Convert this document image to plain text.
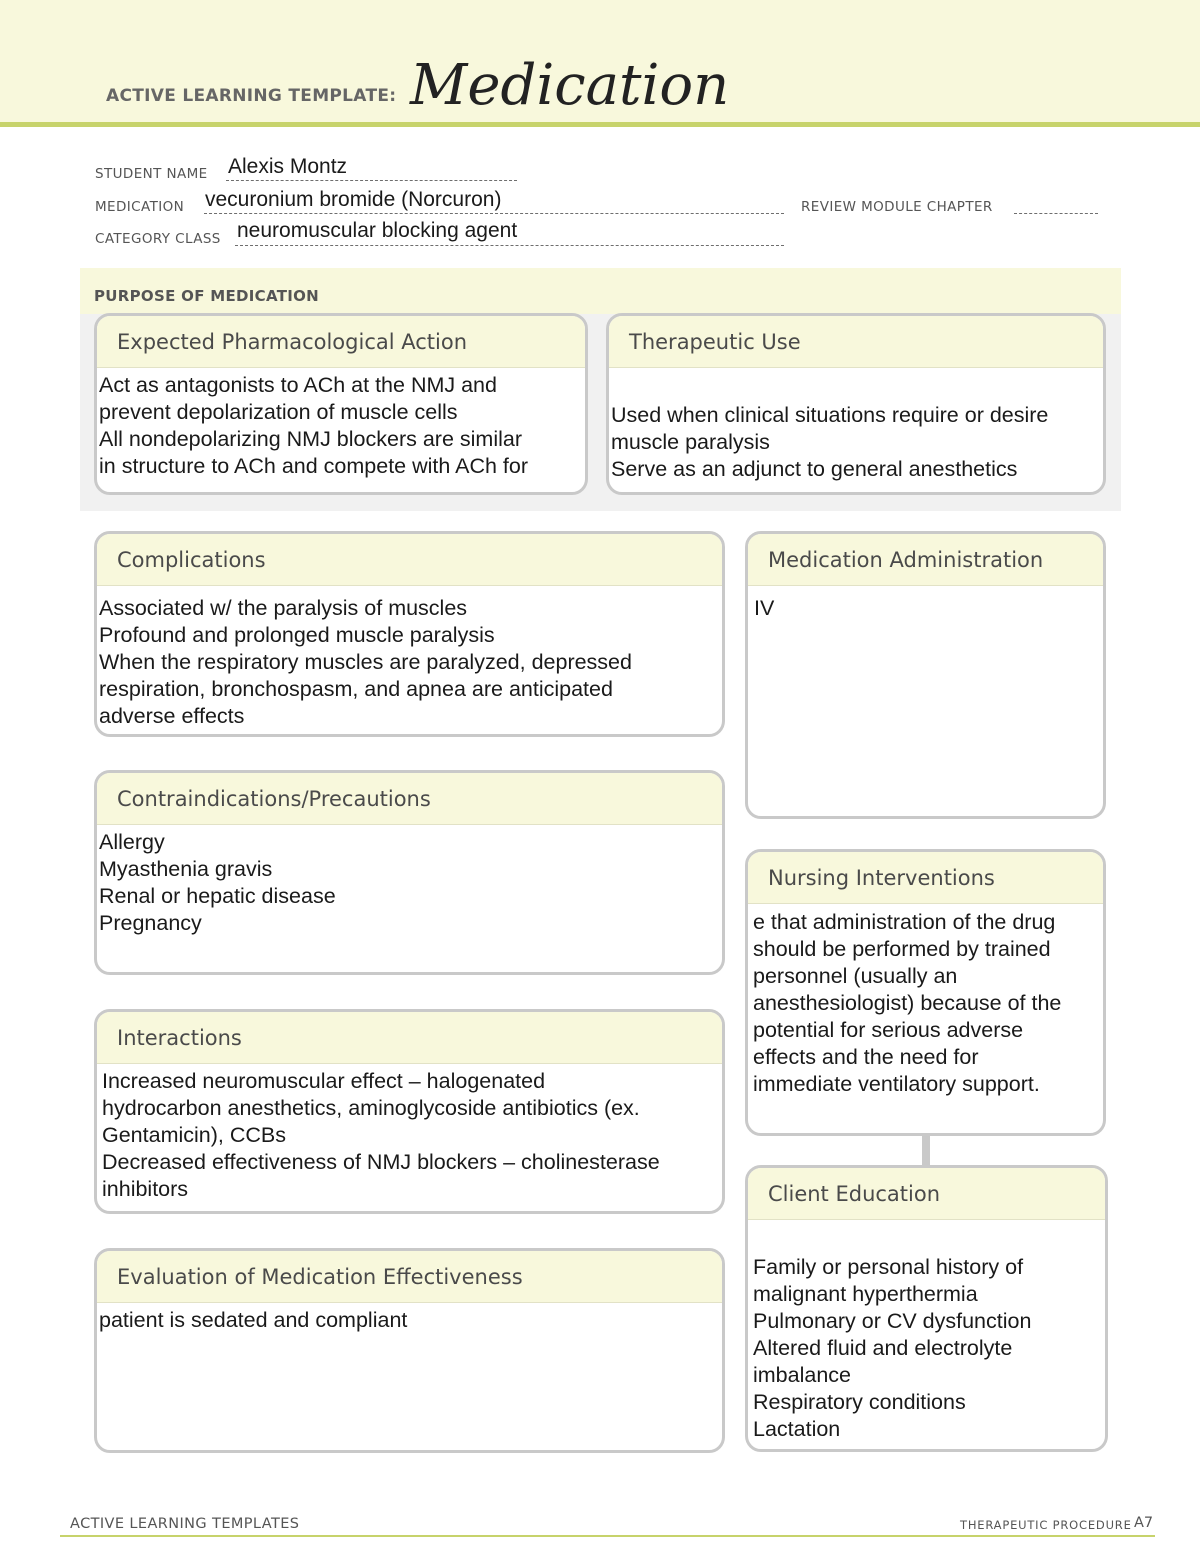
ACTIVE LEARNING TEMPLATE: Medication
STUDENT NAME Alexis Montz
MEDICATION vecuronium bromide (Norcuron)	REVIEW MODULE CHAPTER
CATEGORY CLASS neuromuscular blocking agent
PURPOSE OF MEDICATION
Expected Pharmacological Action
Act as antagonists to ACh at the NMJ and
prevent depolarization of muscle cells
All nondepolarizing NMJ blockers are similar
in structure to ACh and compete with ACh for
Therapeutic Use
Used when clinical situations require or desire
muscle paralysis
Serve as an adjunct to general anesthetics
Complications
Associated w/ the paralysis of muscles
Profound and prolonged muscle paralysis
When the respiratory muscles are paralyzed, depressed
respiration, bronchospasm, and apnea are anticipated
adverse effects
Medication Administration
IV
Contraindications/Precautions
Allergy
Myasthenia gravis
Renal or hepatic disease
Pregnancy
Nursing Interventions
e that administration of the drug
should be performed by trained
personnel (usually an
anesthesiologist) because of the
potential for serious adverse
effects and the need for
immediate ventilatory support.
Interactions
Increased neuromuscular effect – halogenated
hydrocarbon anesthetics, aminoglycoside antibiotics (ex.
Gentamicin), CCBs
Decreased effectiveness of NMJ blockers – cholinesterase
inhibitors	Client Education
Family or personal history of
malignant hyperthermia
Pulmonary or CV dysfunction
Altered fluid and electrolyte
imbalance
Respiratory conditions
Lactation
Evaluation of Medication Effectiveness
patient is sedated and compliant
ACTIVE LEARNING TEMPLATES	THERAPEUTIC PROCEDURE A7
